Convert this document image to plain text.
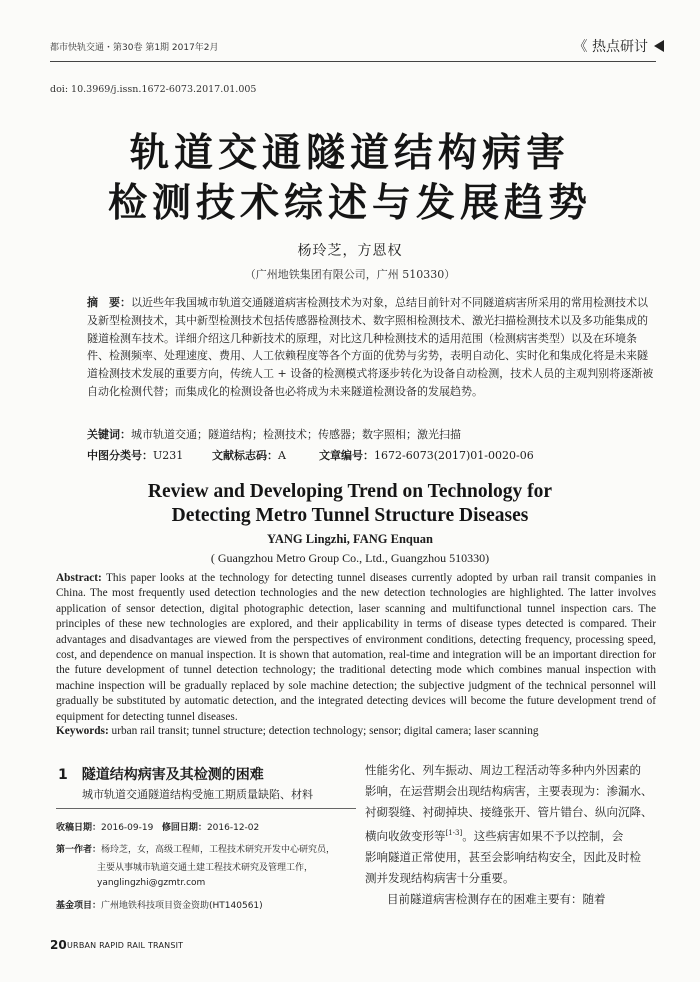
都市快轨交通・第30卷 第1期 2017年2月	《 热点研讨
doi: 10.3969/j.issn.1672-6073.2017.01.005
轨道交通隧道结构病害
检测技术综述与发展趋势
杨玲芝，方恩权
（广州地铁集团有限公司，广州 510330）
摘　要：以近些年我国城市轨道交通隧道病害检测技术为对象，总结目前针对不同隧道病害所采用的常用检测技术以及新型检测技术，其中新型检测技术包括传感器检测技术、数字照相检测技术、激光扫描检测技术以及多功能集成的隧道检测车技术。详细介绍这几种新技术的原理，对比这几种检测技术的适用范围（检测病害类型）以及在环境条件、检测频率、处理速度、费用、人工依赖程度等各个方面的优势与劣势，表明自动化、实时化和集成化将是未来隧道检测技术发展的重要方向，传统人工 + 设备的检测模式将逐步转化为设备自动检测，技术人员的主观判别将逐渐被自动化检测代替；而集成化的检测设备也必将成为未来隧道检测设备的发展趋势。
关键词：城市轨道交通；隧道结构；检测技术；传感器；数字照相；激光扫描
中图分类号：U231	文献标志码：A	文章编号：1672-6073(2017)01-0020-06
Review and Developing Trend on Technology for
Detecting Metro Tunnel Structure Diseases
YANG Lingzhi, FANG Enquan
( Guangzhou Metro Group Co., Ltd., Guangzhou 510330)
Abstract: This paper looks at the technology for detecting tunnel diseases currently adopted by urban rail transit companies in China. The most frequently used detection technologies and the new detection technologies are highlighted. The latter involves application of sensor detection, digital photographic detection, laser scanning and multifunctional tunnel inspection cars. The principles of these new technologies are explored, and their applicability in terms of disease types detected is compared. Their advantages and disadvantages are viewed from the perspectives of environment conditions, detecting frequency, processing speed, cost, and dependence on manual inspection. It is shown that automation, real-time and integration will be an important direction for the future development of tunnel detection technology; the traditional detecting mode which combines manual inspection with machine inspection will be gradually replaced by sole machine detection; the subjective judgment of the technical personnel will gradually be substituted by automatic detection, and the integrated detecting devices will become the future development trend of equipment for detecting tunnel diseases.
Keywords: urban rail transit; tunnel structure; detection technology; sensor; digital camera; laser scanning
1 隧道结构病害及其检测的困难
城市轨道交通隧道结构受施工期质量缺陷、材料
收稿日期：2016-09-19 修回日期：2016-12-02
第一作者：杨玲芝，女，高级工程师，工程技术研究开发中心研究员，
主要从事城市轨道交通土建工程技术研究及管理工作，
yanglingzhi@gzmtr.com
基金项目：广州地铁科技项目资金资助(HT140561)
性能劣化、列车振动、周边工程活动等多种内外因素的
影响，在运营期会出现结构病害，主要表现为：渗漏水、
衬砌裂缝、衬砌掉块、接缝张开、管片错台、纵向沉降、
横向收敛变形等[1-3]。这些病害如果不予以控制，会
影响隧道正常使用，甚至会影响结构安全，因此及时检
测并发现结构病害十分重要。
目前隧道病害检测存在的困难主要有：随着
20 URBAN RAPID RAIL TRANSIT
